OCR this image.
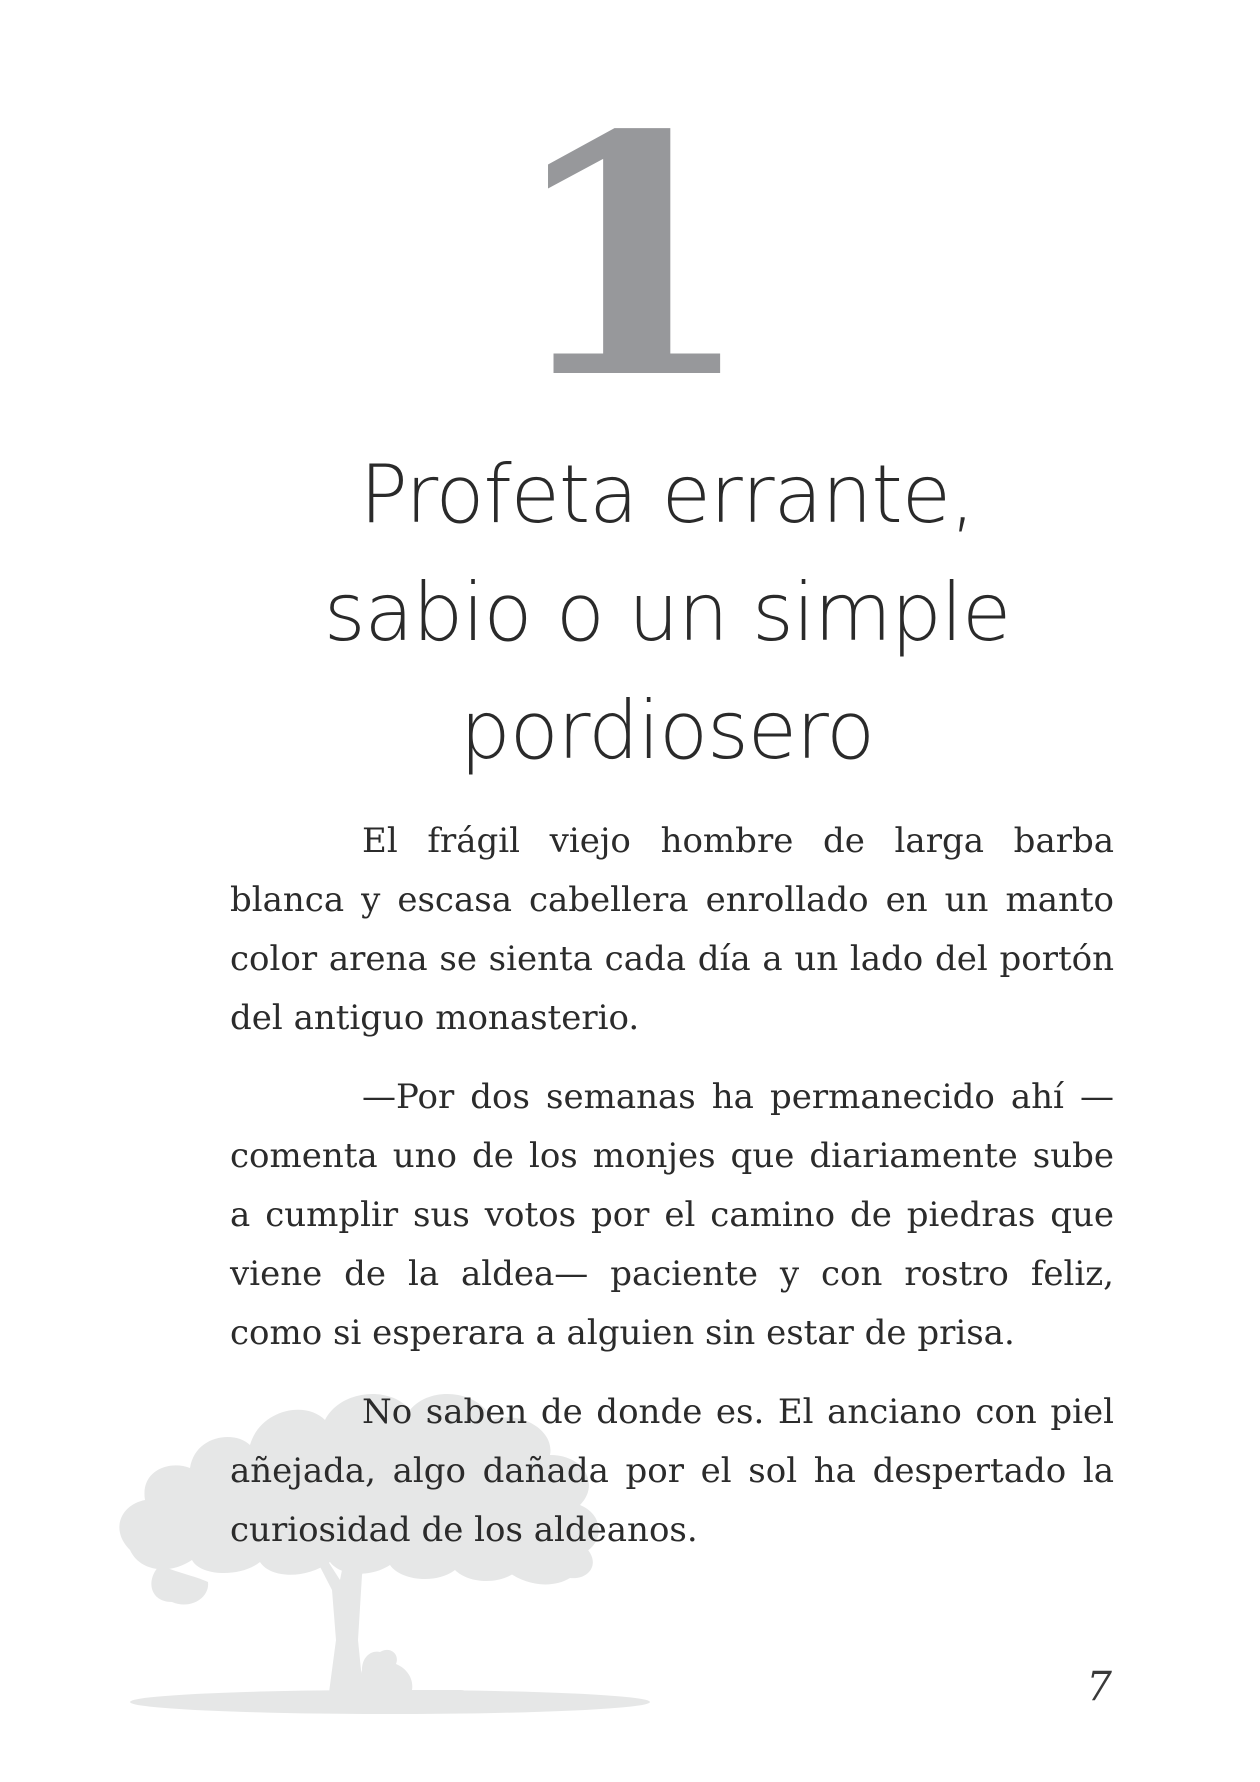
1
Profeta errante,
sabio o un simple
pordiosero

El frágil viejo hombre de larga barba blanca y escasa cabellera enrollado en un manto color arena se sienta cada día a un lado del portón del antiguo monasterio.

—Por dos semanas ha permanecido ahí —comenta uno de los monjes que diariamente sube a cumplir sus votos por el camino de piedras que viene de la aldea— paciente y con rostro feliz, como si esperara a alguien sin estar de prisa.

No saben de donde es. El anciano con piel añejada, algo dañada por el sol ha despertado la curiosidad de los aldeanos.

7
